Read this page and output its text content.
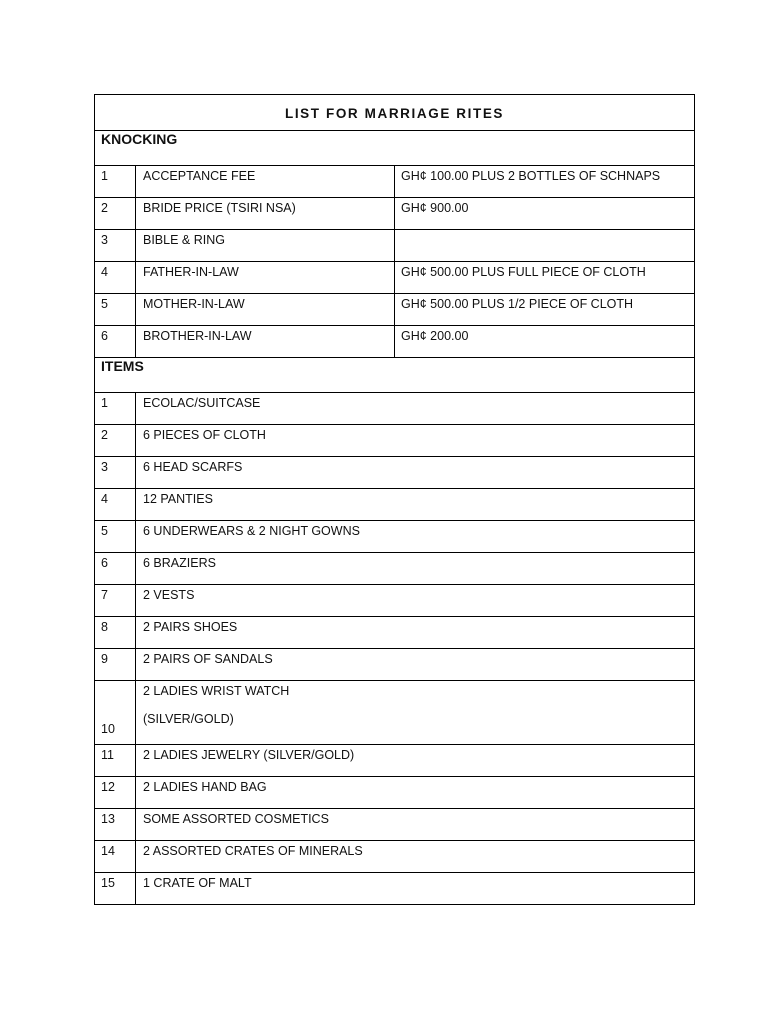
LIST FOR MARRIAGE RITES		
KNOCKING		
1	ACCEPTANCE FEE	GH¢ 100.00 PLUS 2 BOTTLES OF SCHNAPS
2	BRIDE PRICE (TSIRI NSA)	GH¢ 900.00
3	BIBLE & RING	
4	FATHER-IN-LAW	GH¢ 500.00 PLUS FULL PIECE OF CLOTH
5	MOTHER-IN-LAW	GH¢ 500.00 PLUS 1/2 PIECE OF CLOTH
6	BROTHER-IN-LAW	GH¢ 200.00
ITEMS		
1	ECOLAC/SUITCASE	
2	6 PIECES OF CLOTH	
3	6 HEAD SCARFS	
4	12 PANTIES	
5	6 UNDERWEARS & 2 NIGHT GOWNS	
6	6 BRAZIERS	
7	2 VESTS	
8	2 PAIRS SHOES	
9	2 PAIRS OF SANDALS	
10	2 LADIES WRIST WATCH
(SILVER/GOLD)	

11	2 LADIES JEWELRY (SILVER/GOLD)	
12	2 LADIES HAND BAG	
13	SOME ASSORTED COSMETICS	
14	2 ASSORTED CRATES OF MINERALS	
15	1 CRATE OF MALT	
